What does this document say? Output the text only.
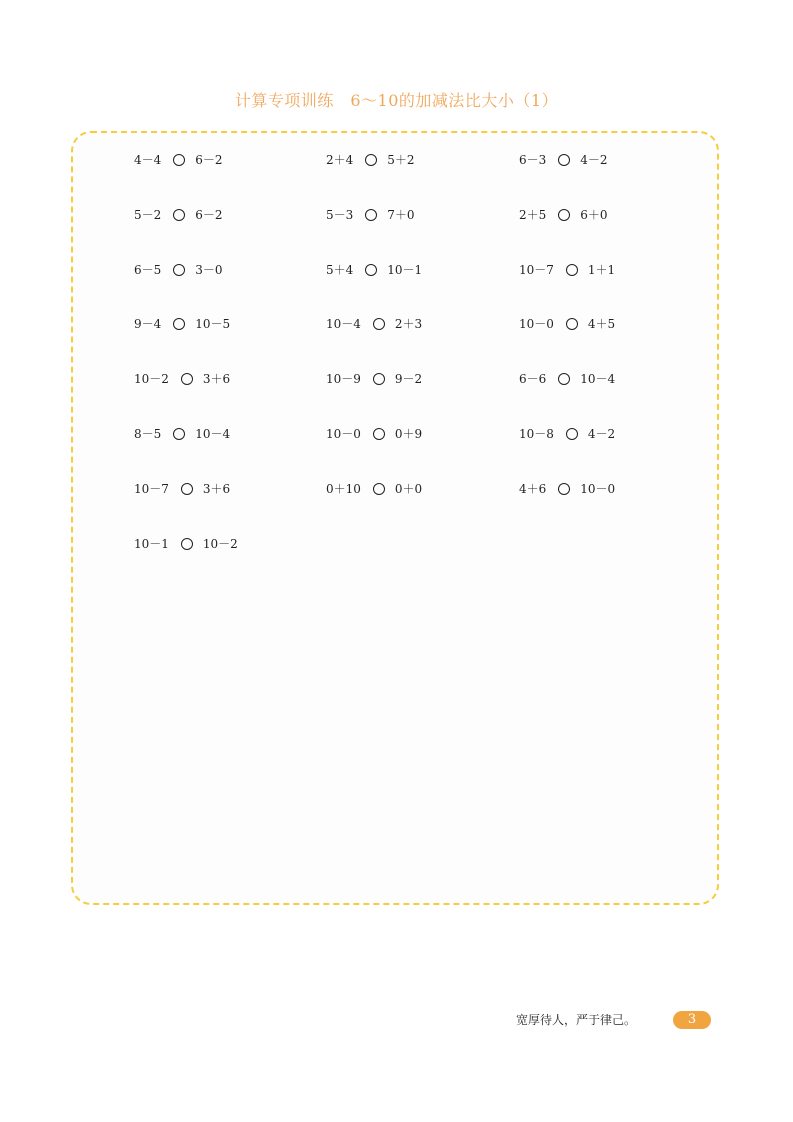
计算专项训练　6～10的加减法比大小（1）
4－4	6－2	2＋4	5＋2	6－3	4－2
5－2	6－2	5－3	7＋0	2＋5	6＋0
6－5	3－0	5＋4	10－1	10－7	1＋1
9－4	10－5	10－4	2＋3	10－0	4＋5
10－2	3＋6	10－9	9－2	6－6	10－4
8－5	10－4	10－0	0＋9	10－8	4－2
10－7	3＋6	0＋10	0＋0	4＋6	10－0
10－1	10－2
宽厚待人，严于律己。	3
